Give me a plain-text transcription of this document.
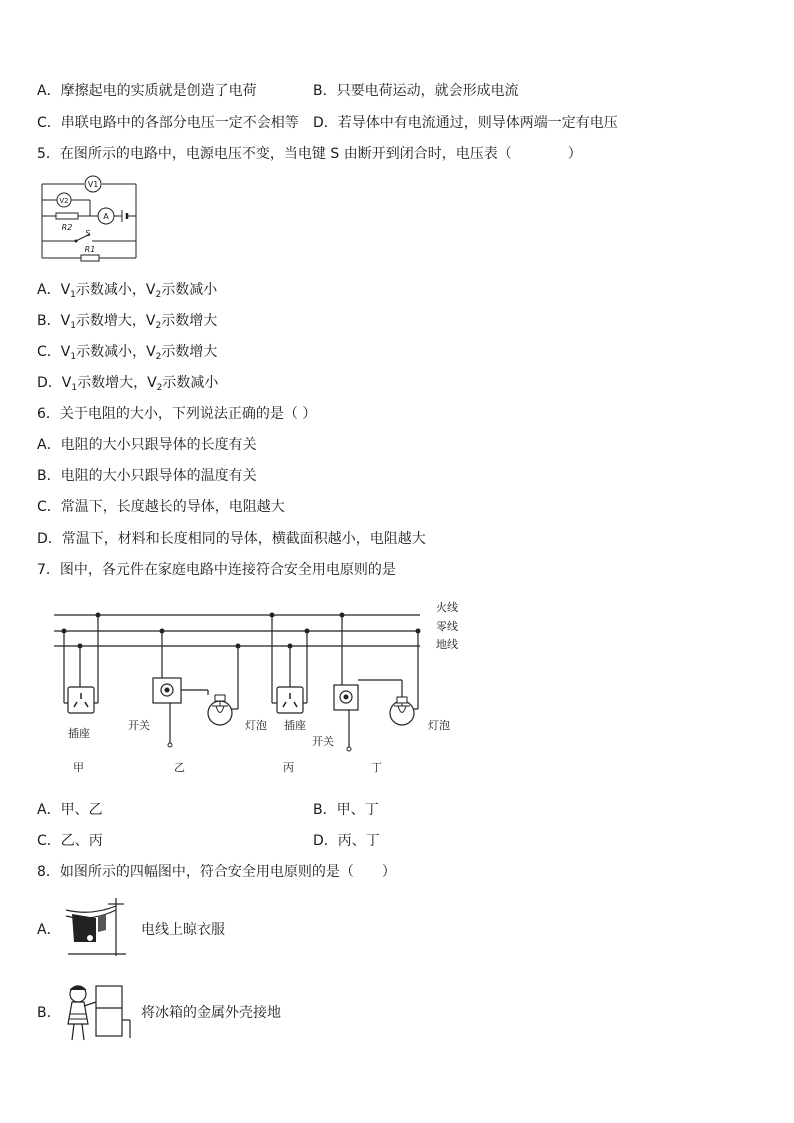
A．摩擦起电的实质就是创造了电荷	B．只要电荷运动，就会形成电流
C．串联电路中的各部分电压一定不会相等 D．若导体中有电流通过，则导体两端一定有电压
5．在图所示的电路中，电源电压不变，当电键 S 由断开到闭合时，电压表（　　　　）
V1
V2
R2
A
S
R1
A．$V_1$示数减小，$V_2$示数减小
B．$V_1$示数增大，$V_2$示数增大
C．$V_1$示数减小，$V_2$示数增大
D．$V_1$示数增大，$V_2$示数减小
6．关于电阻的大小，下列说法正确的是（ ）
A．电阻的大小只跟导体的长度有关
B．电阻的大小只跟导体的温度有关
C．常温下，长度越长的导体，电阻越大
D．常温下，材料和长度相同的导体，横截面积越小，电阻越大
7．图中，各元件在家庭电路中连接符合安全用电原则的是
火线
零线
地线
插座
开关	灯泡 插座
开关
灯泡
甲	乙	丙	丁
A．甲、乙	B．甲、丁
C．乙、丙	D．丙、丁
8．如图所示的四幅图中，符合安全用电原则的是（　　）
A．	电线上晾衣服
B．	将冰箱的金属外壳接地
